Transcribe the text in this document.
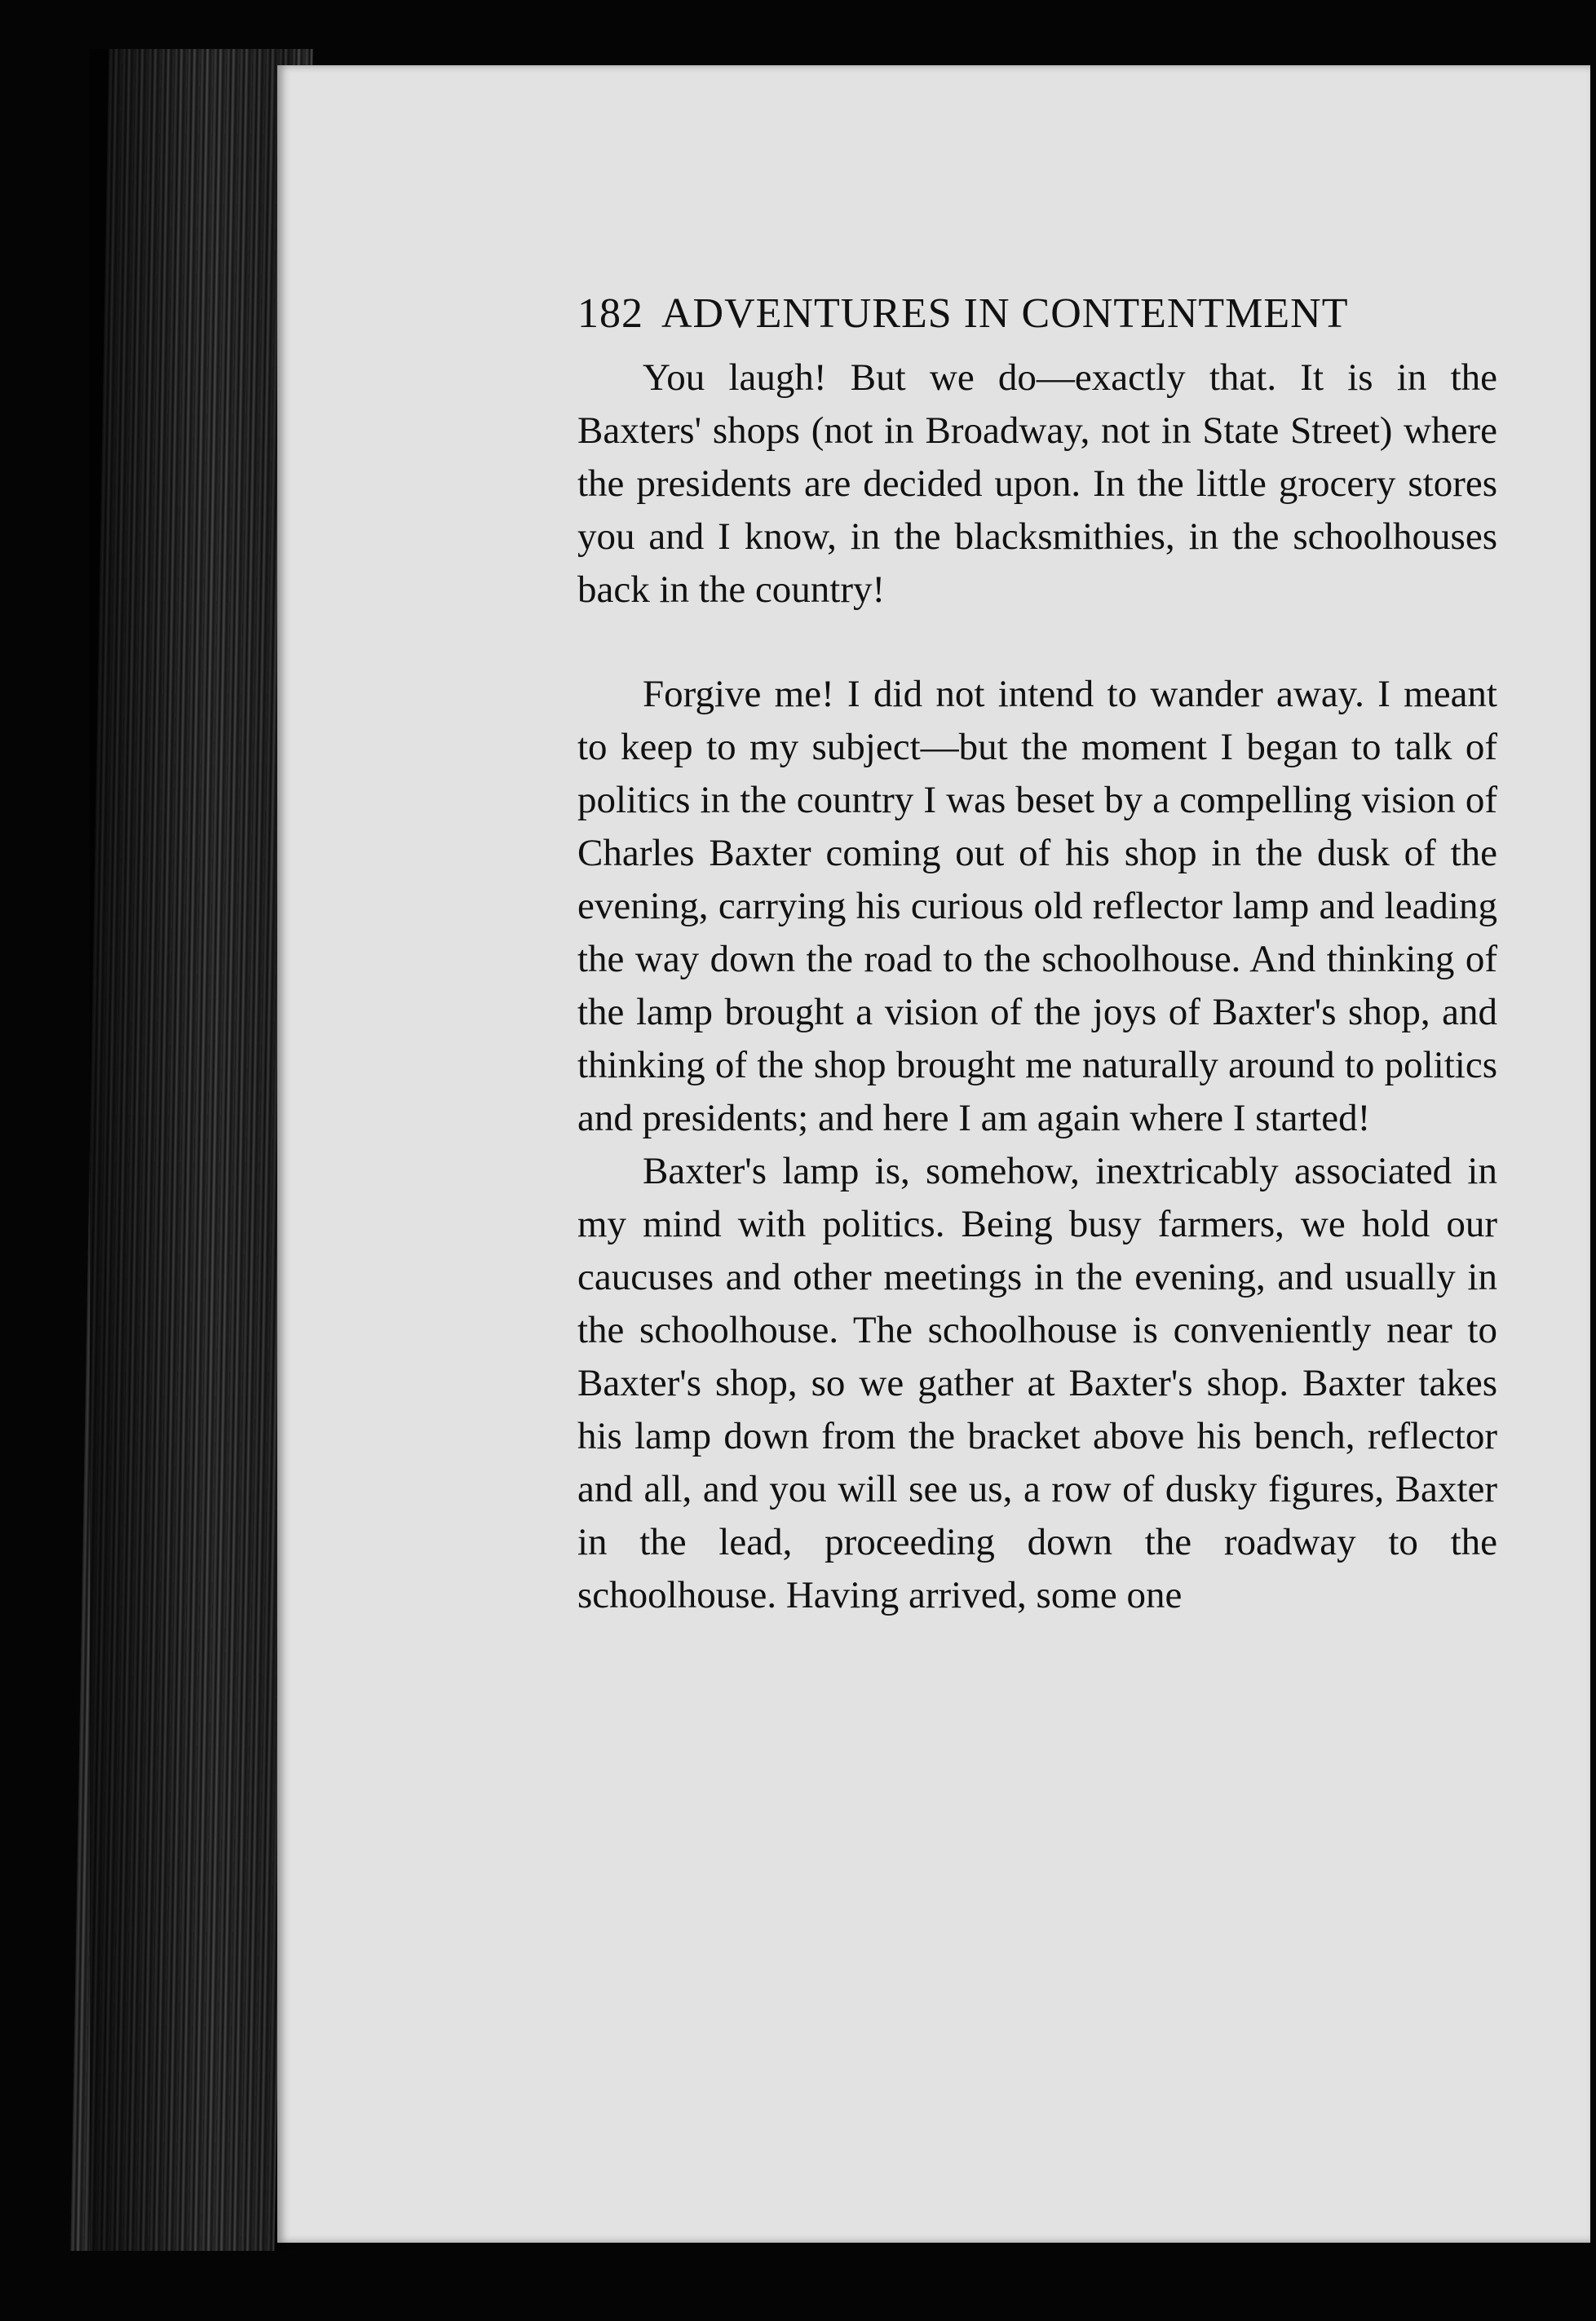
182 ADVENTURES IN CONTENTMENT

You laugh! But we do—exactly that. It is in the Baxters' shops (not in Broadway, not in State Street) where the presidents are decided upon. In the little grocery stores you and I know, in the blacksmithies, in the schoolhouses back in the country!

Forgive me! I did not intend to wander away. I meant to keep to my subject—but the moment I began to talk of politics in the country I was beset by a compelling vision of Charles Baxter coming out of his shop in the dusk of the evening, carrying his curious old reflector lamp and leading the way down the road to the schoolhouse. And thinking of the lamp brought a vision of the joys of Baxter's shop, and thinking of the shop brought me naturally around to politics and presidents; and here I am again where I started!

Baxter's lamp is, somehow, inextricably associated in my mind with politics. Being busy farmers, we hold our caucuses and other meetings in the evening, and usually in the schoolhouse. The schoolhouse is conveniently near to Baxter's shop, so we gather at Baxter's shop. Baxter takes his lamp down from the bracket above his bench, reflector and all, and you will see us, a row of dusky figures, Baxter in the lead, proceeding down the roadway to the schoolhouse. Having arrived, some one
